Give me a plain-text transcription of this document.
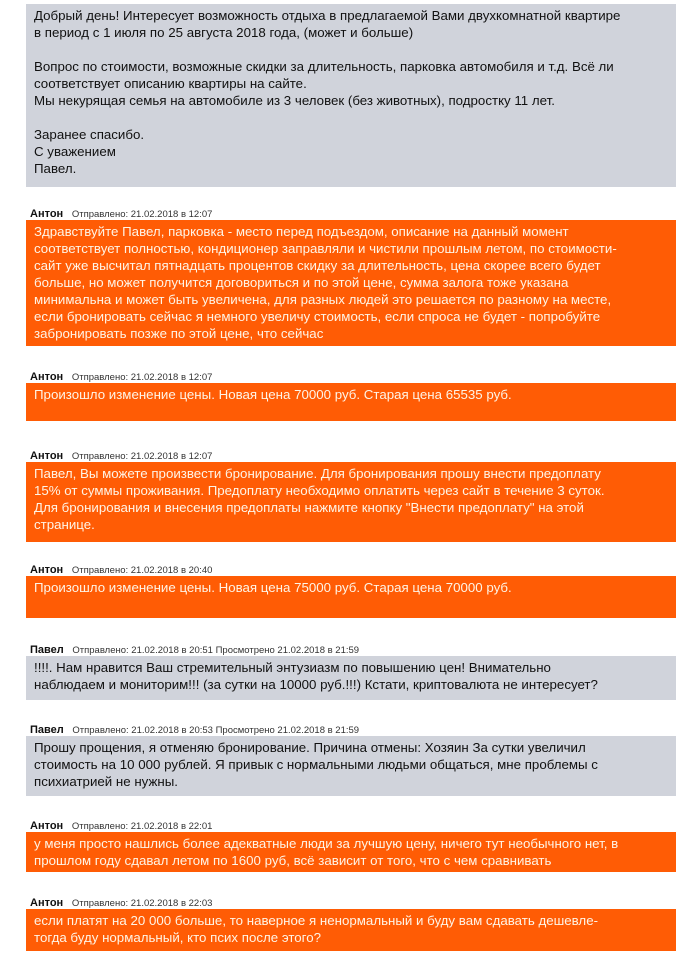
Добрый день! Интересует возможность отдыха в предлагаемой Вами двухкомнатной квартире
в период с 1 июля по 25 августа 2018 года, (может и больше)

Вопрос по стоимости, возможные скидки за длительность, парковка автомобиля и т.д. Всё ли
соответствует описанию квартиры на сайте.
Мы некурящая семья на автомобиле из 3 человек (без животных), подростку 11 лет.

Заранее спасибо.
С уважением
Павел.
Антон Отправлено: 21.02.2018 в 12:07
Здравствуйте Павел, парковка - место перед подъездом, описание на данный момент
соответствует полностью, кондиционер заправляли и чистили прошлым летом, по стоимости-
сайт уже высчитал пятнадцать процентов скидку за длительность, цена скорее всего будет
больше, но может получится договориться и по этой цене, сумма залога тоже указана
минимальна и может быть увеличена, для разных людей это решается по разному на месте,
если бронировать сейчас я немного увеличу стоимость, если спроса не будет - попробуйте
забронировать позже по этой цене, что сейчас
Антон Отправлено: 21.02.2018 в 12:07
Произошло изменение цены. Новая цена 70000 руб. Старая цена 65535 руб.
Антон Отправлено: 21.02.2018 в 12:07
Павел, Вы можете произвести бронирование. Для бронирования прошу внести предоплату
15% от суммы проживания. Предоплату необходимо оплатить через сайт в течение 3 суток.
Для бронирования и внесения предоплаты нажмите кнопку "Внести предоплату" на этой
странице.
Антон Отправлено: 21.02.2018 в 20:40
Произошло изменение цены. Новая цена 75000 руб. Старая цена 70000 руб.
Павел Отправлено: 21.02.2018 в 20:51 Просмотрено 21.02.2018 в 21:59
!!!!. Нам нравится Ваш стремительный энтузиазм по повышению цен! Внимательно
наблюдаем и мониторим!!! (за сутки на 10000 руб.!!!) Кстати, криптовалюта не интересует?
Павел Отправлено: 21.02.2018 в 20:53 Просмотрено 21.02.2018 в 21:59
Прошу прощения, я отменяю бронирование. Причина отмены: Хозяин За сутки увеличил
стоимость на 10 000 рублей. Я привык с нормальными людьми общаться, мне проблемы с
психиатрией не нужны.
Антон Отправлено: 21.02.2018 в 22:01
у меня просто нашлись более адекватные люди за лучшую цену, ничего тут необычного нет, в
прошлом году сдавал летом по 1600 руб, всё зависит от того, что с чем сравнивать
Антон Отправлено: 21.02.2018 в 22:03
если платят на 20 000 больше, то наверное я ненормальный и буду вам сдавать дешевле-
тогда буду нормальный, кто псих после этого?
